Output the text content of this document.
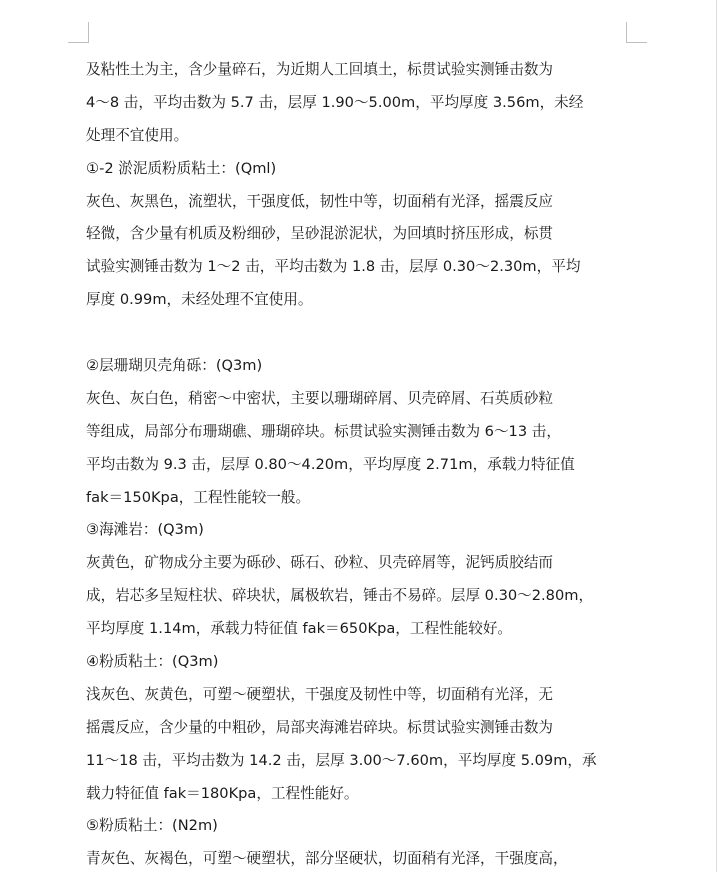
及粘性土为主，含少量碎石，为近期人工回填土，标贯试验实测锤击数为
4～8 击，平均击数为 5.7 击，层厚 1.90～5.00m，平均厚度 3.56m，未经
处理不宜使用。
①-2 淤泥质粉质粘土：(Qml)
灰色、灰黑色，流塑状，干强度低，韧性中等，切面稍有光泽，摇震反应
轻微，含少量有机质及粉细砂，呈砂混淤泥状，为回填时挤压形成，标贯
试验实测锤击数为 1～2 击，平均击数为 1.8 击，层厚 0.30～2.30m，平均
厚度 0.99m，未经处理不宜使用。
②层珊瑚贝壳角砾：(Q3m)
灰色、灰白色，稍密～中密状，主要以珊瑚碎屑、贝壳碎屑、石英质砂粒
等组成，局部分布珊瑚礁、珊瑚碎块。标贯试验实测锤击数为 6～13 击，
平均击数为 9.3 击，层厚 0.80～4.20m，平均厚度 2.71m，承载力特征值
fak＝150Kpa，工程性能较一般。
③海滩岩：(Q3m)
灰黄色，矿物成分主要为砾砂、砾石、砂粒、贝壳碎屑等，泥钙质胶结而
成，岩芯多呈短柱状、碎块状，属极软岩，锤击不易碎。层厚 0.30～2.80m，
平均厚度 1.14m，承载力特征值 fak＝650Kpa，工程性能较好。
④粉质粘土：(Q3m)
浅灰色、灰黄色，可塑～硬塑状，干强度及韧性中等，切面稍有光泽，无
摇震反应，含少量的中粗砂，局部夹海滩岩碎块。标贯试验实测锤击数为
11～18 击，平均击数为 14.2 击，层厚 3.00～7.60m，平均厚度 5.09m，承
载力特征值 fak＝180Kpa，工程性能好。
⑤粉质粘土：(N2m)
青灰色、灰褐色，可塑～硬塑状，部分坚硬状，切面稍有光泽，干强度高，
